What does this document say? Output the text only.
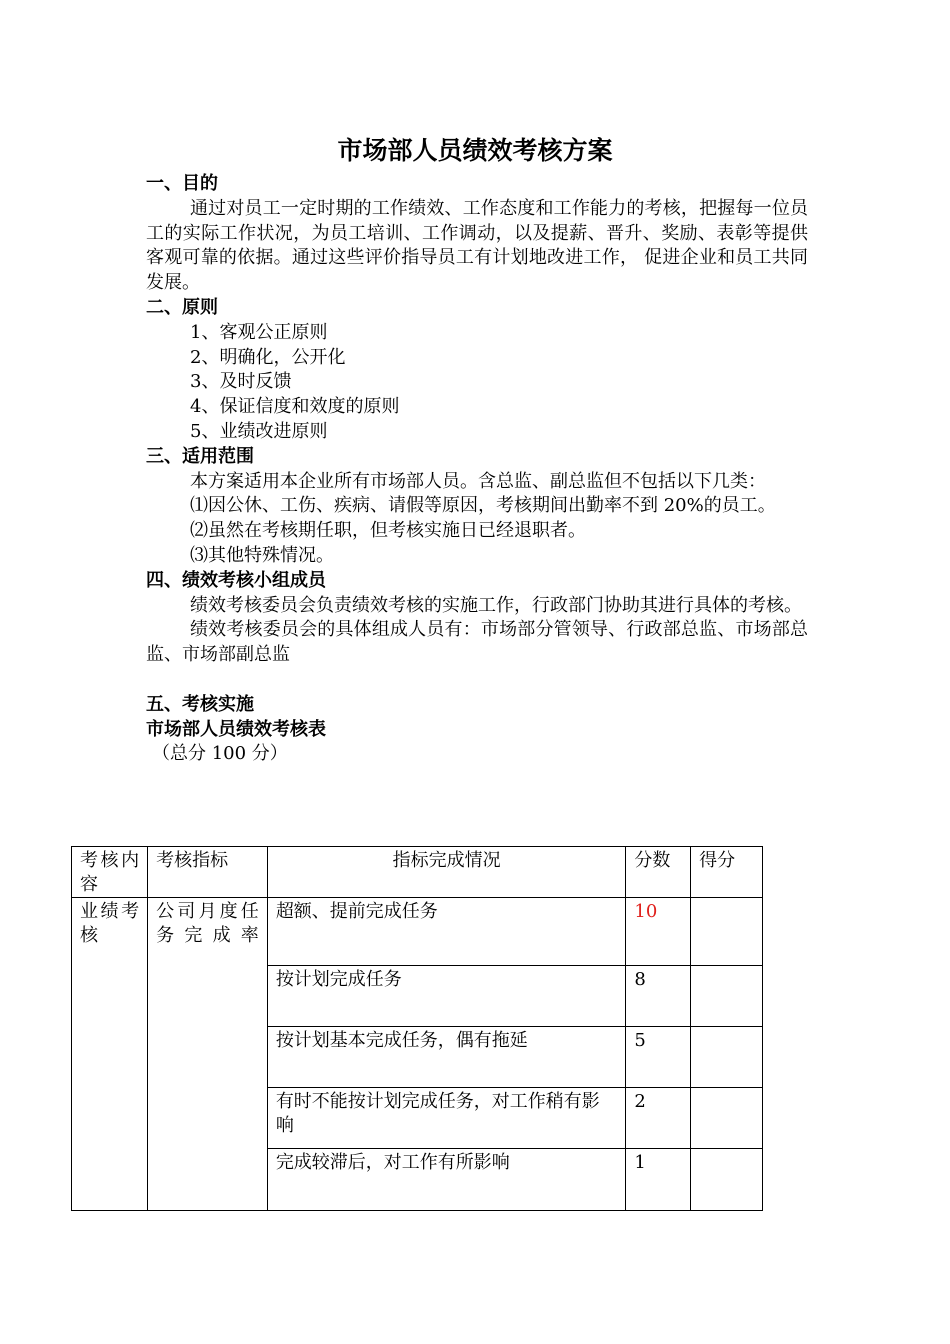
市场部人员绩效考核方案

一、目的

通过对员工一定时期的工作绩效、工作态度和工作能力的考核，把握每一位员工的实际工作状况，为员工培训、工作调动，以及提薪、晋升、奖励、表彰等提供客观可靠的依据。通过这些评价指导员工有计划地改进工作， 促进企业和员工共同发展。

二、原则

1、客观公正原则

2、明确化，公开化

3、及时反馈

4、保证信度和效度的原则

5、业绩改进原则

三、适用范围

本方案适用本企业所有市场部人员。含总监、副总监但不包括以下几类：

⑴因公休、工伤、疾病、请假等原因，考核期间出勤率不到 20%的员工。

⑵虽然在考核期任职，但考核实施日已经退职者。

⑶其他特殊情况。

四、绩效考核小组成员

绩效考核委员会负责绩效考核的实施工作，行政部门协助其进行具体的考核。

绩效考核委员会的具体组成人员有：市场部分管领导、行政部总监、市场部总监、市场部副总监

五、考核实施

市场部人员绩效考核表

（总分 100 分）

考核内容	考核指标	指标完成情况	分数	得分
业绩考核	公司月度任务完成率	超额、提前完成任务	10	
		按计划完成任务	8	
		按计划基本完成任务，偶有拖延	5	
		有时不能按计划完成任务，对工作稍有影响	2	
		完成较滞后，对工作有所影响	1	
